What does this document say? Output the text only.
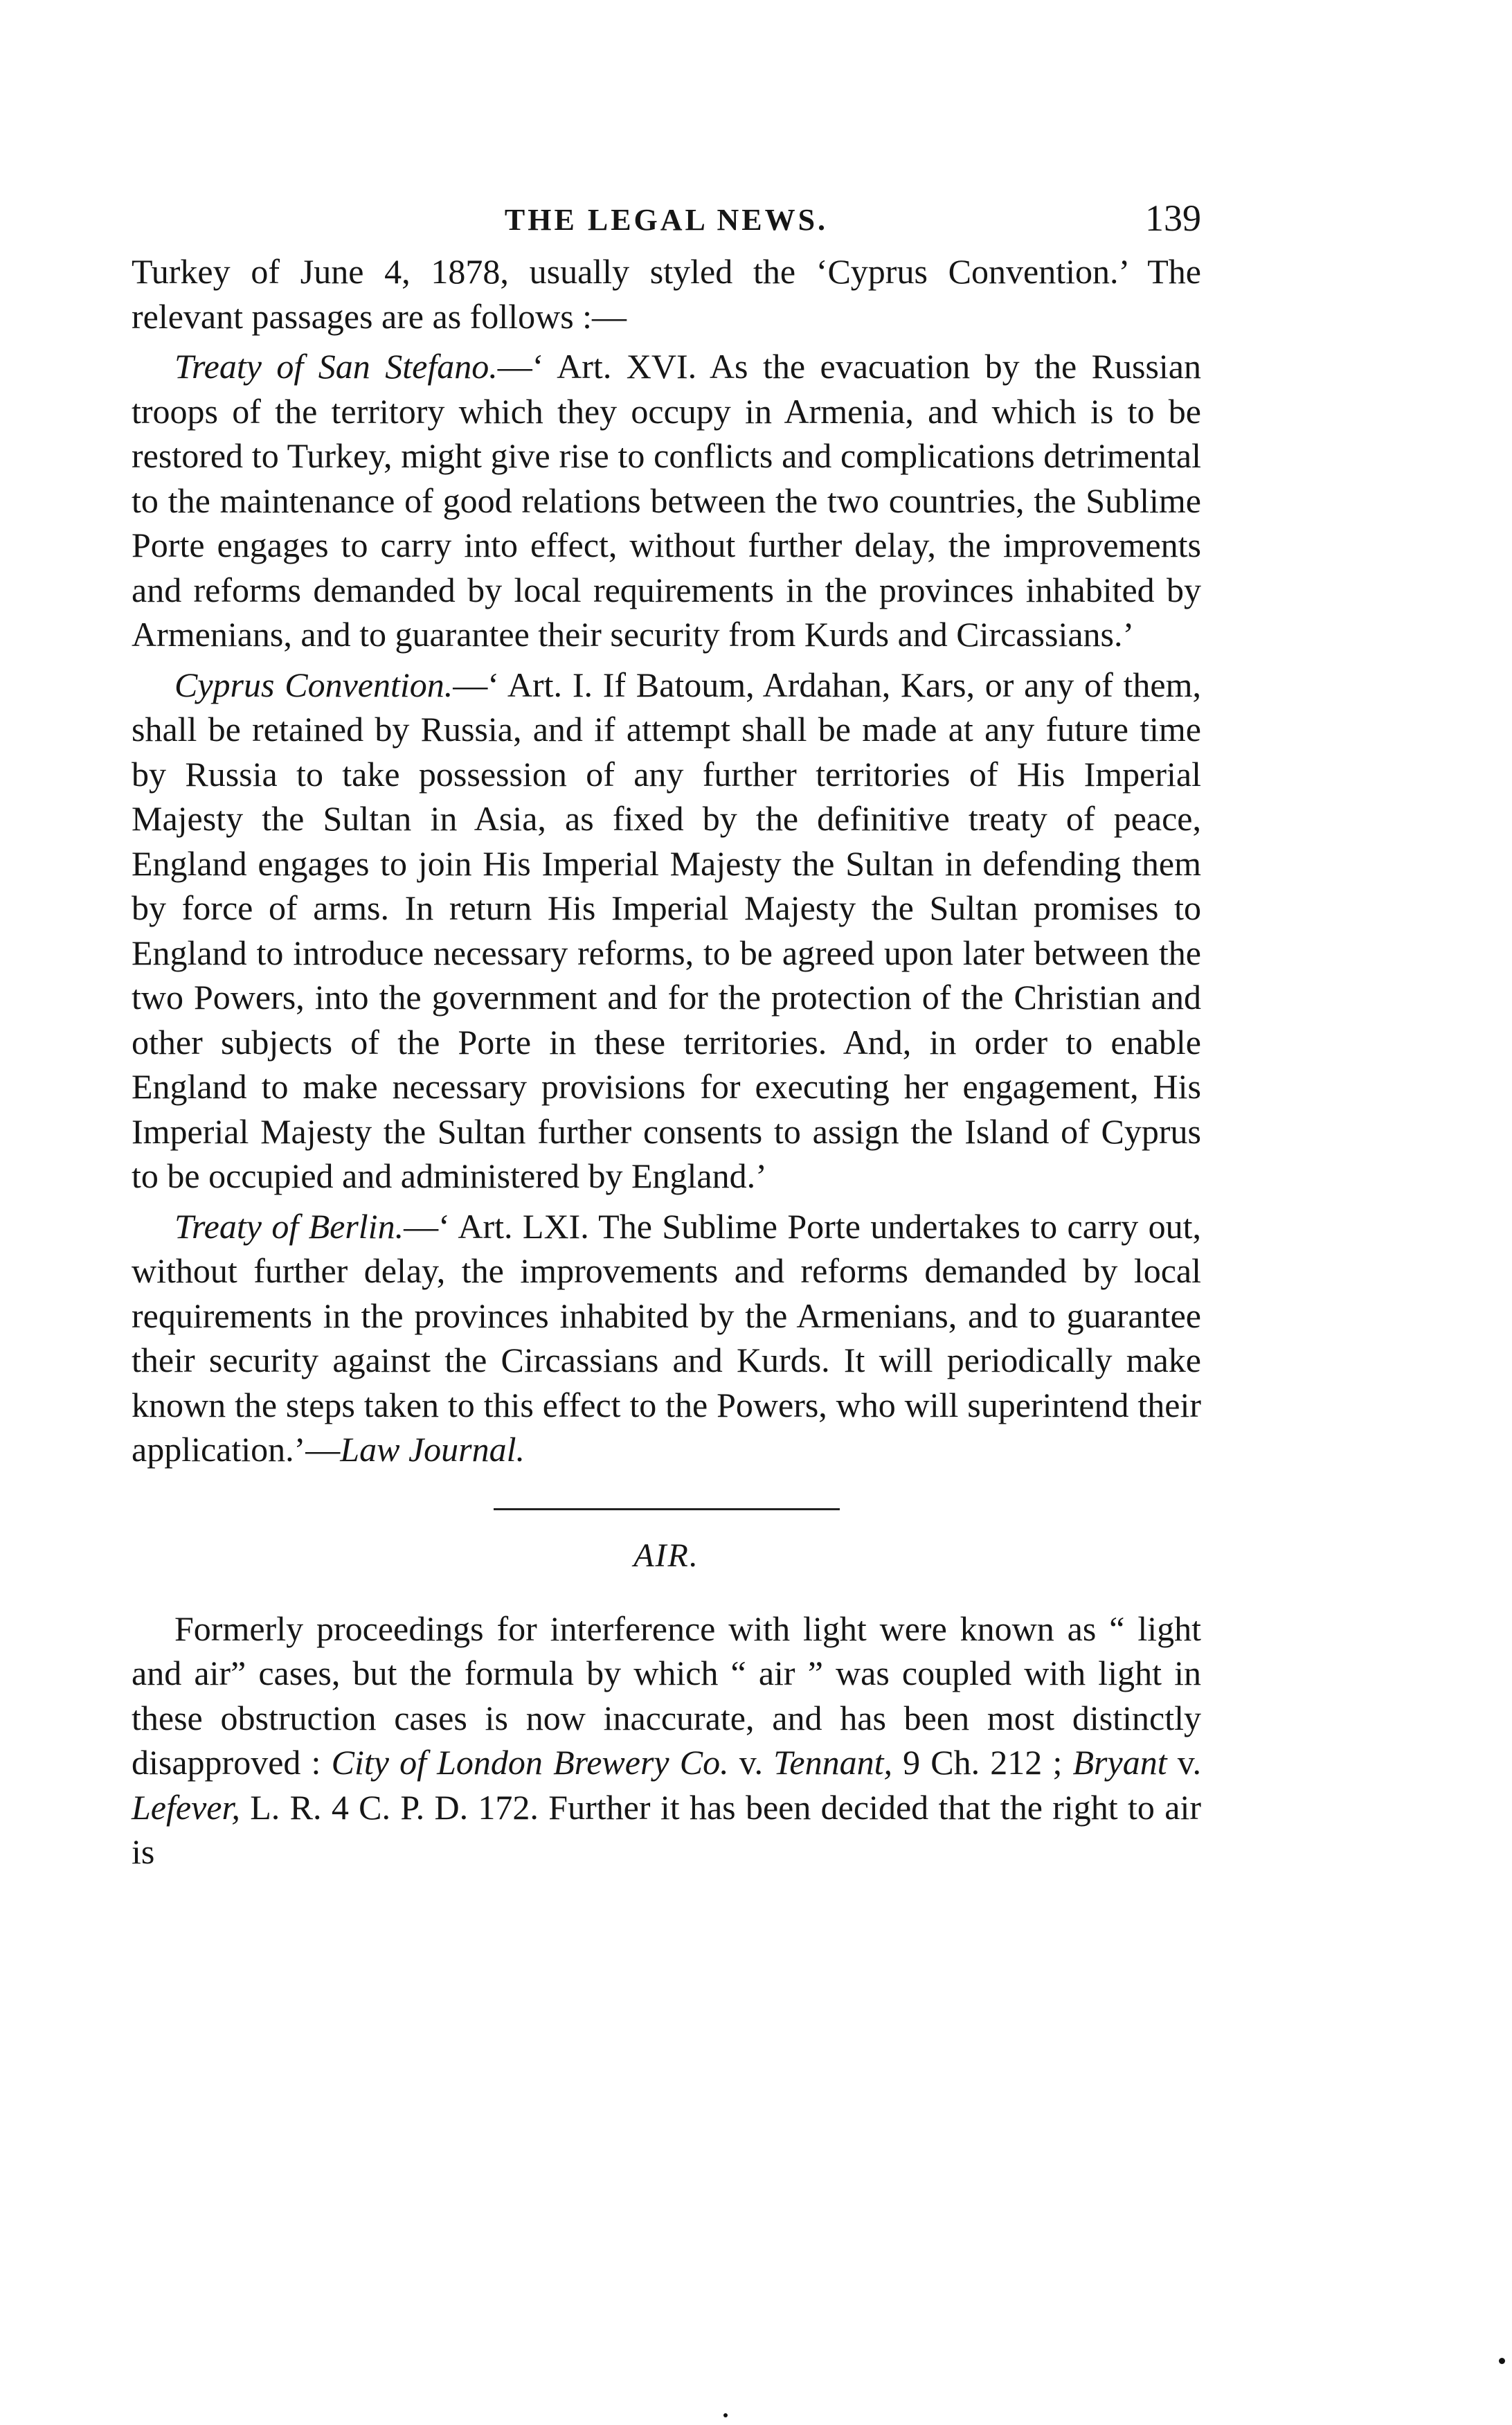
THE LEGAL NEWS.	139

Turkey of June 4, 1878, usually styled the ‘Cyprus Convention.’ The relevant passages are as follows :—

Treaty of San Stefano.—‘ Art. XVI. As the evacuation by the Russian troops of the territory which they occupy in Armenia, and which is to be restored to Turkey, might give rise to conflicts and complications detrimental to the maintenance of good relations between the two countries, the Sublime Porte engages to carry into effect, without further delay, the improvements and reforms demanded by local requirements in the provinces inhabited by Armenians, and to guarantee their security from Kurds and Circassians.’

Cyprus Convention.—‘ Art. I. If Batoum, Ardahan, Kars, or any of them, shall be retained by Russia, and if attempt shall be made at any future time by Russia to take possession of any further territories of His Imperial Majesty the Sultan in Asia, as fixed by the definitive treaty of peace, England engages to join His Imperial Majesty the Sultan in defending them by force of arms. In return His Imperial Majesty the Sultan promises to England to introduce necessary reforms, to be agreed upon later between the two Powers, into the government and for the protection of the Christian and other subjects of the Porte in these territories. And, in order to enable England to make necessary provisions for executing her engagement, His Imperial Majesty the Sultan further consents to assign the Island of Cyprus to be occupied and administered by England.’

Treaty of Berlin.—‘ Art. LXI. The Sublime Porte undertakes to carry out, without further delay, the improvements and reforms demanded by local requirements in the provinces inhabited by the Armenians, and to guarantee their security against the Circassians and Kurds. It will periodically make known the steps taken to this effect to the Powers, who will superintend their application.’—Law Journal.

AIR.

Formerly proceedings for interference with light were known as “ light and air” cases, but the formula by which “ air ” was coupled with light in these obstruction cases is now inaccurate, and has been most distinctly disapproved : City of London Brewery Co. v. Tennant, 9 Ch. 212 ; Bryant v. Lefever, L. R. 4 C. P. D. 172. Further it has been decided that the right to air is
